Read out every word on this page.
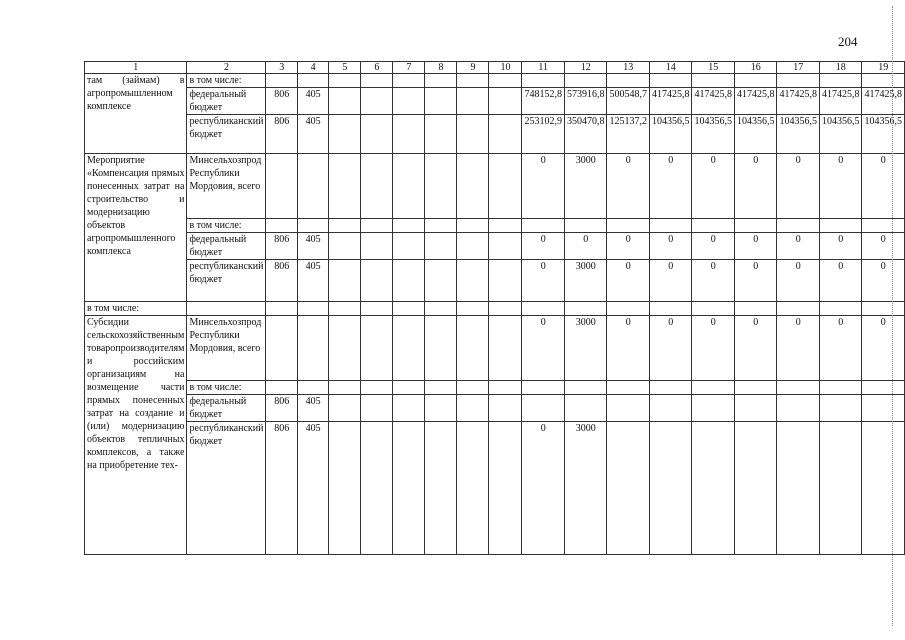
204
1	2	3	4	5	6	7	8	9	10	11	12	13	14	15	16	17	18	19
там (займам) в агропромышленном комплексе	в том числе:																	
	федеральный бюджет	806	405							748152,8	573916,8	500548,7	417425,8	417425,8	417425,8	417425,8	417425,8	417425,8
	республиканский бюджет	806	405							253102,9	350470,8	125137,2	104356,5	104356,5	104356,5	104356,5	104356,5	104356,5
Мероприятие «Компенсация прямых понесенных затрат на строительство и модернизацию объектов агропромышленного комплекса	Минсельхозпрод Республики Мордовия, всего									0	3000	0	0	0	0	0	0	0
	в том числе:																	
	федеральный бюджет	806	405							0	0	0	0	0	0	0	0	0
	республиканский бюджет	806	405							0	3000	0	0	0	0	0	0	0
в том числе:																		
Субсидии сельскохозяйственным товаропроизводителям и российским организациям на возмещение части прямых понесенных затрат на создание и (или) модернизацию объектов тепличных комплексов, а также на приобретение тех-	Минсельхозпрод Республики Мордовия, всего									0	3000	0	0	0	0	0	0	0
	в том числе:																	
	федеральный бюджет	806	405															
	республиканский бюджет	806	405							0	3000							
